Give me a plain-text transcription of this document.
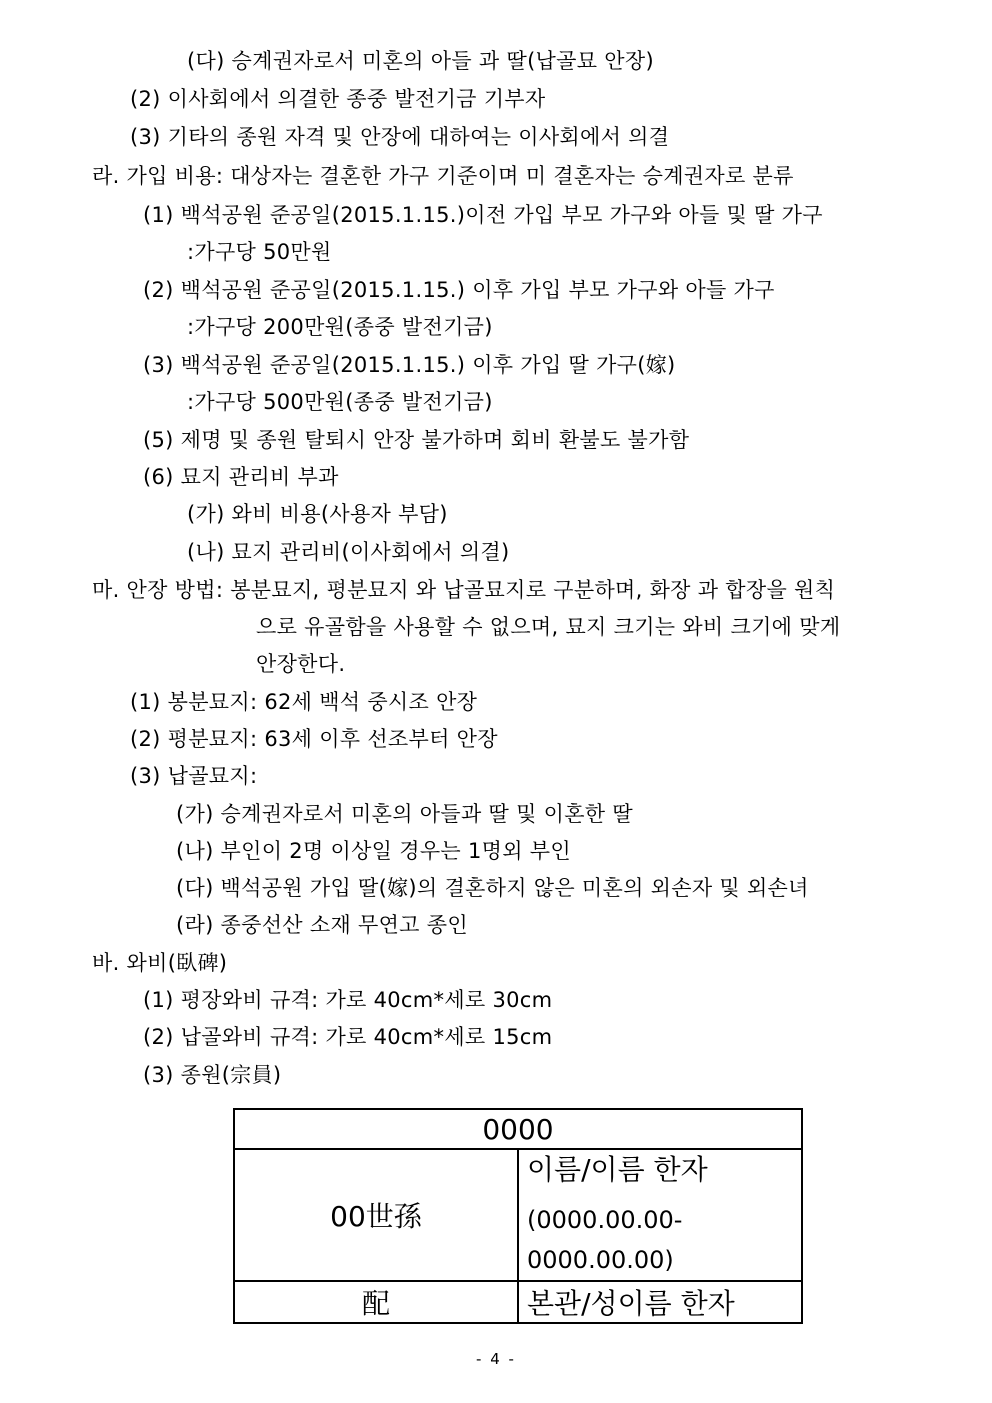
(다) 승계권자로서 미혼의 아들 과 딸(납골묘 안장)
(2) 이사회에서 의결한 종중 발전기금 기부자
(3) 기타의 종원 자격 및 안장에 대하여는 이사회에서 의결
라. 가입 비용: 대상자는 결혼한 가구 기준이며 미 결혼자는 승계권자로 분류
(1) 백석공원 준공일(2015.1.15.)이전 가입 부모 가구와 아들 및 딸 가구
:가구당 50만원
(2) 백석공원 준공일(2015.1.15.) 이후 가입 부모 가구와 아들 가구
:가구당 200만원(종중 발전기금)
(3) 백석공원 준공일(2015.1.15.) 이후 가입 딸 가구(嫁)
:가구당 500만원(종중 발전기금)
(5) 제명 및 종원 탈퇴시 안장 불가하며 회비 환불도 불가함
(6) 묘지 관리비 부과
(가) 와비 비용(사용자 부담)
(나) 묘지 관리비(이사회에서 의결)
마. 안장 방법: 봉분묘지, 평분묘지 와 납골묘지로 구분하며, 화장 과 합장을 원칙
으로 유골함을 사용할 수 없으며, 묘지 크기는 와비 크기에 맞게
안장한다.
(1) 봉분묘지: 62세 백석 중시조 안장
(2) 평분묘지: 63세 이후 선조부터 안장
(3) 납골묘지:
(가) 승계권자로서 미혼의 아들과 딸 및 이혼한 딸
(나) 부인이 2명 이상일 경우는 1명외 부인
(다) 백석공원 가입 딸(嫁)의 결혼하지 않은 미혼의 외손자 및 외손녀
(라) 종중선산 소재 무연고 종인
바. 와비(臥碑)
(1) 평장와비 규격: 가로 40cm*세로 30cm
(2) 납골와비 규격: 가로 40cm*세로 15cm
(3) 종원(宗員)
0000	
00世孫	이름/이름 한자
(0000.00.00-0000.00.00)

配	본관/성이름 한자
- 4 -
